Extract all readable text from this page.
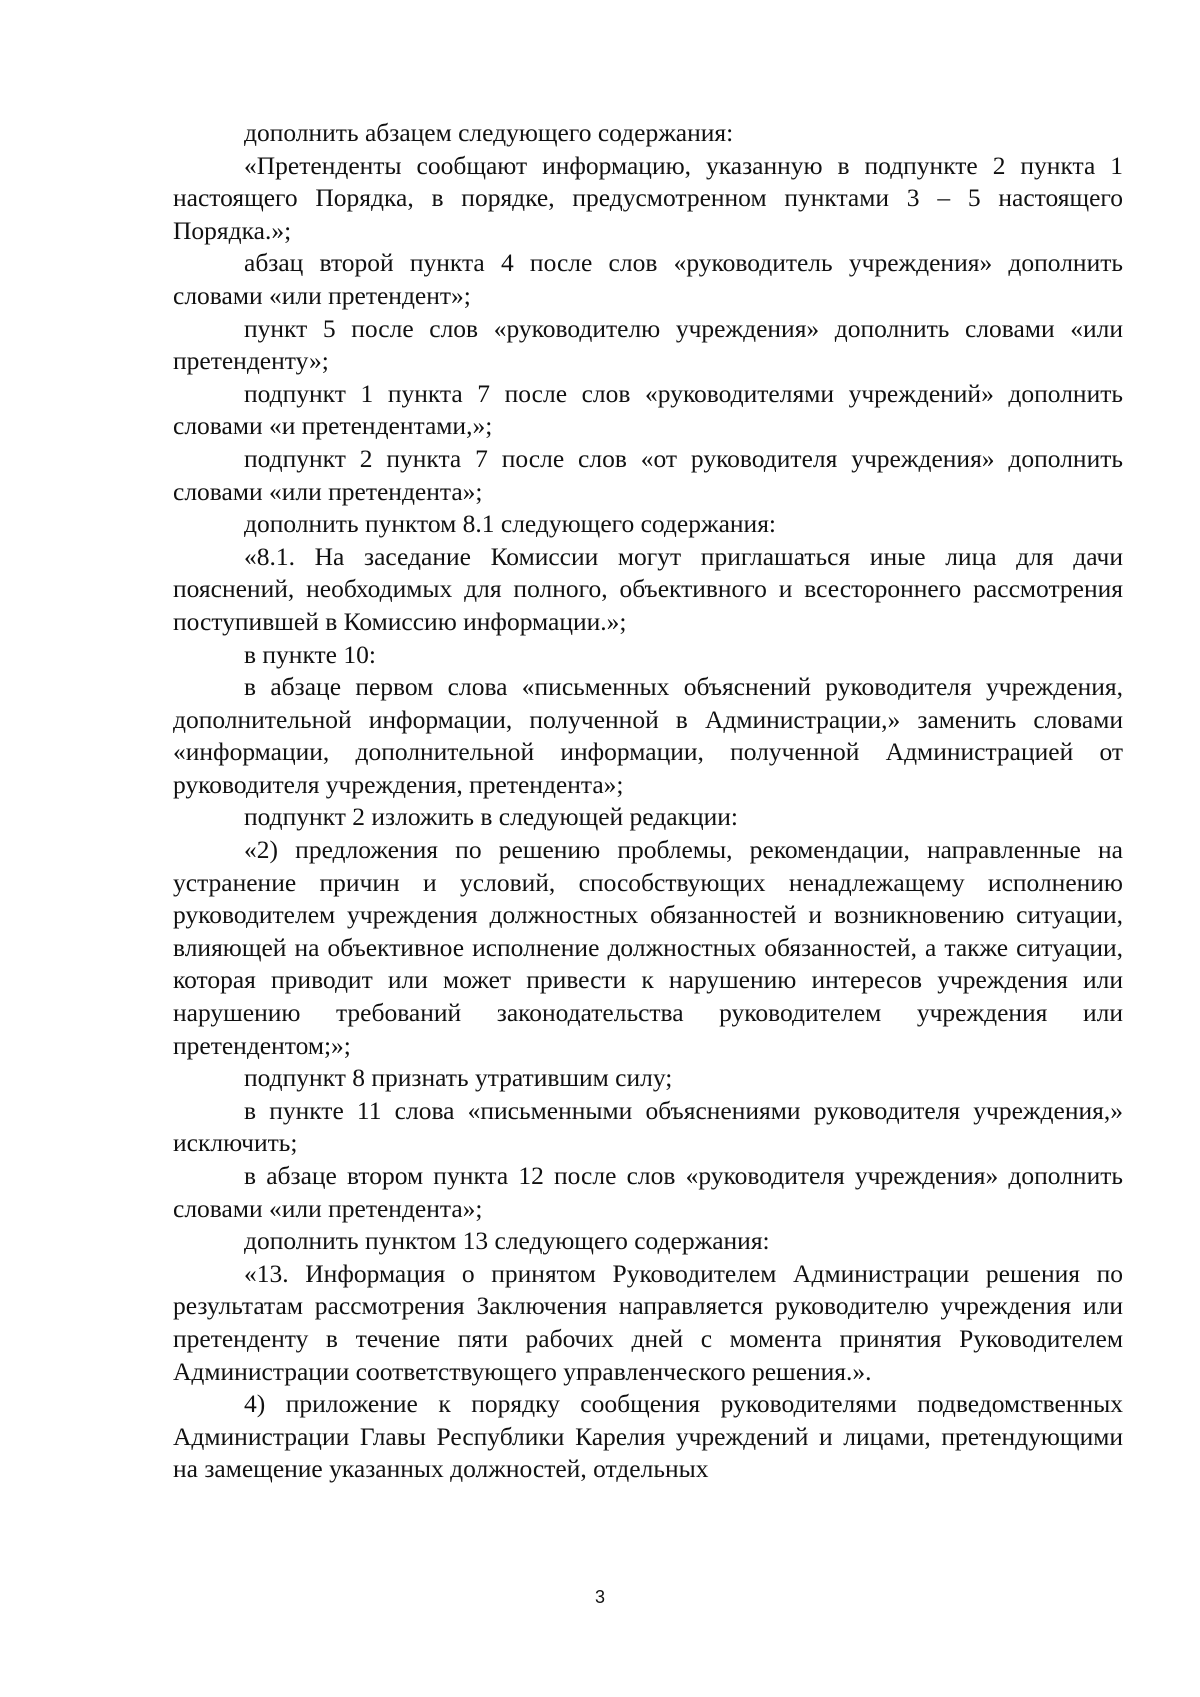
дополнить абзацем следующего содержания:

«Претенденты сообщают информацию, указанную в подпункте 2 пункта 1 настоящего Порядка, в порядке, предусмотренном пунктами 3 – 5 настоящего Порядка.»;

абзац второй пункта 4 после слов «руководитель учреждения» дополнить словами «или претендент»;

пункт 5 после слов «руководителю учреждения» дополнить словами «или претенденту»;

подпункт 1 пункта 7 после слов «руководителями учреждений» дополнить словами «и претендентами,»;

подпункт 2 пункта 7 после слов «от руководителя учреждения» дополнить словами «или претендента»;

дополнить пунктом 8.1 следующего содержания:

«8.1. На заседание Комиссии могут приглашаться иные лица для дачи пояснений, необходимых для полного, объективного и всестороннего рассмотрения поступившей в Комиссию информации.»;

в пункте 10:

в абзаце первом слова «письменных объяснений руководителя учреждения, дополнительной информации, полученной в Администрации,» заменить словами «информации, дополнительной информации, полученной Администрацией от руководителя учреждения, претендента»;

подпункт 2 изложить в следующей редакции:

«2) предложения по решению проблемы, рекомендации, направленные на устранение причин и условий, способствующих ненадлежащему исполнению руководителем учреждения должностных обязанностей и возникновению ситуации, влияющей на объективное исполнение должностных обязанностей, а также ситуации, которая приводит или может привести к нарушению интересов учреждения или нарушению требований законодательства руководителем учреждения или претендентом;»;

подпункт 8 признать утратившим силу;

в пункте 11 слова «письменными объяснениями руководителя учреждения,» исключить;

в абзаце втором пункта 12 после слов «руководителя учреждения» дополнить словами «или претендента»;

дополнить пунктом 13 следующего содержания:

«13. Информация о принятом Руководителем Администрации решения по результатам рассмотрения Заключения направляется руководителю учреждения или претенденту в течение пяти рабочих дней с момента принятия Руководителем Администрации соответствующего управленческого решения.».

4) приложение к порядку сообщения руководителями подведомственных Администрации Главы Республики Карелия учреждений и лицами, претендующими на замещение указанных должностей, отдельных

3
